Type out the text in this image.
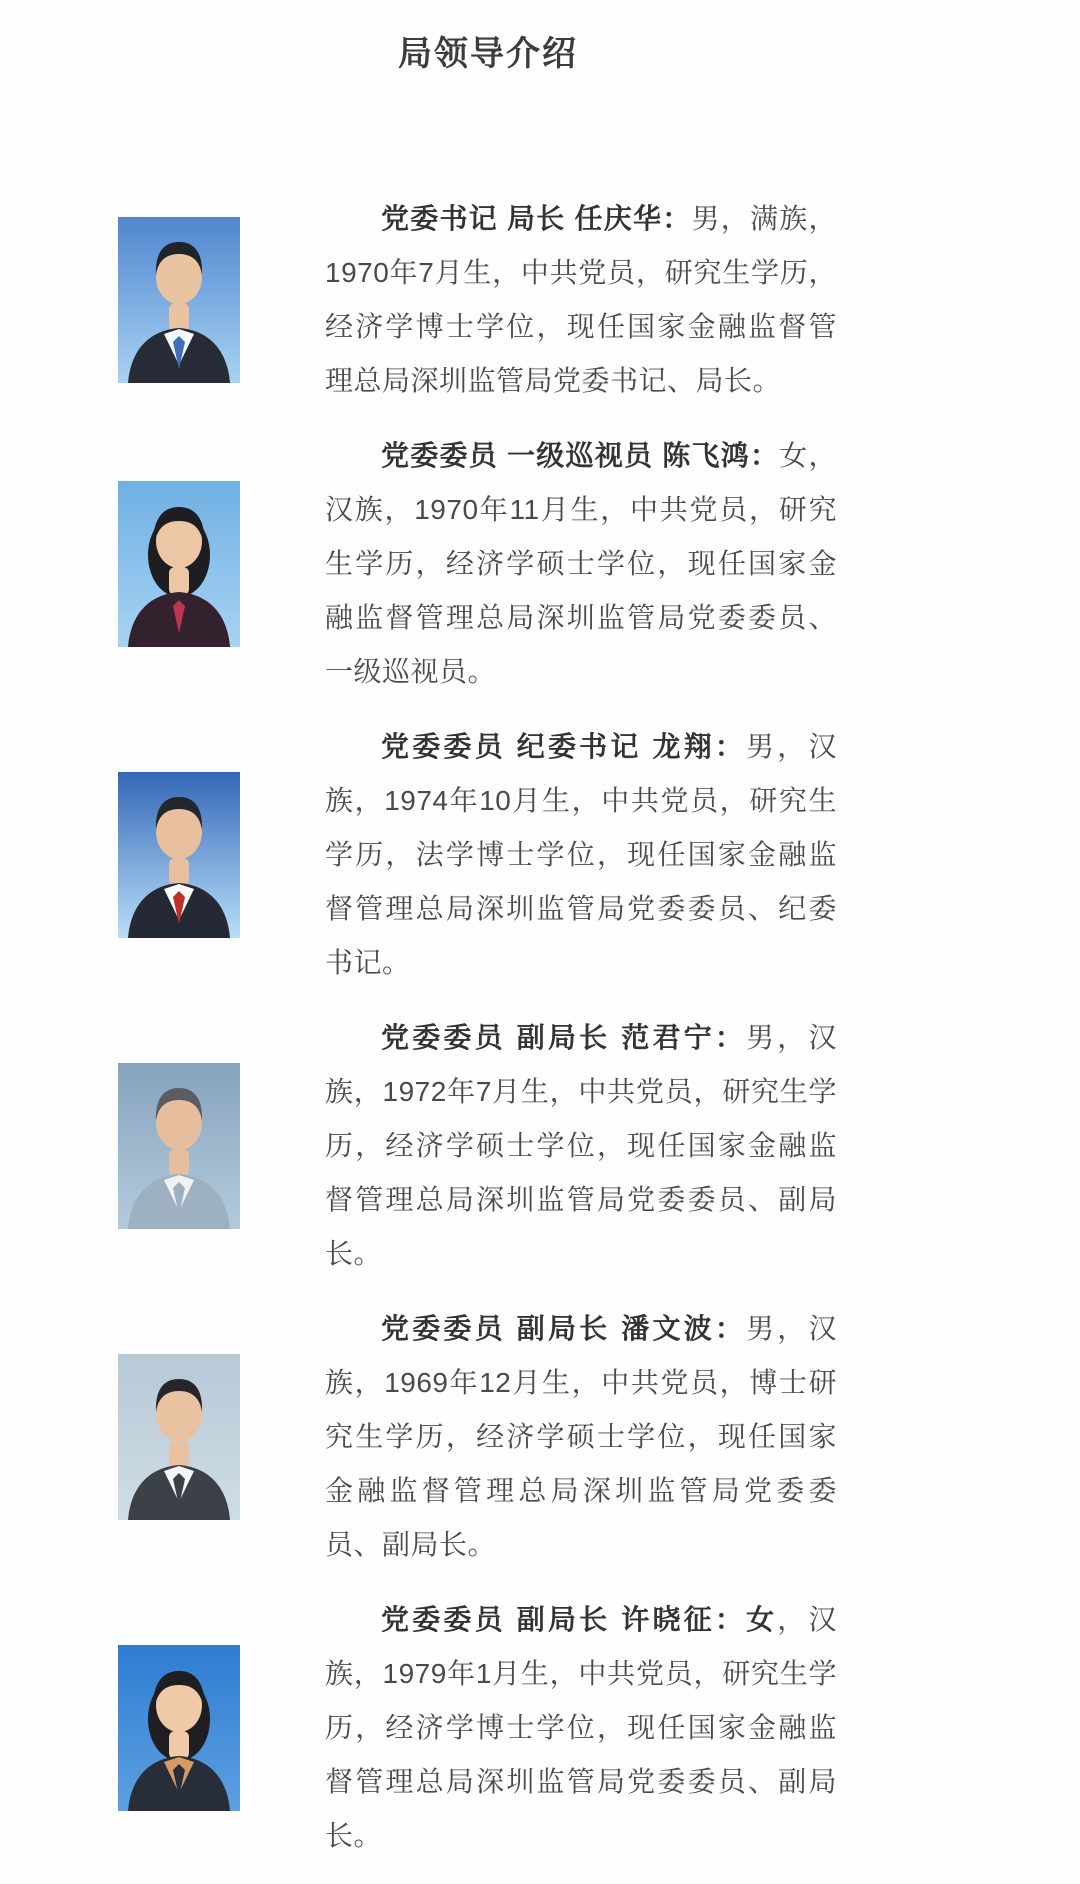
局领导介绍

党委书记 局长 任庆华：男，满族，1970年7月生，中共党员，研究生学历，经济学博士学位，现任国家金融监督管理总局深圳监管局党委书记、局长。

党委委员 一级巡视员 陈飞鸿：女，汉族，1970年11月生，中共党员，研究生学历，经济学硕士学位，现任国家金融监督管理总局深圳监管局党委委员、一级巡视员。

党委委员 纪委书记 龙翔：男，汉族，1974年10月生，中共党员，研究生学历，法学博士学位，现任国家金融监督管理总局深圳监管局党委委员、纪委书记。

党委委员 副局长 范君宁：男，汉族，1972年7月生，中共党员，研究生学历，经济学硕士学位，现任国家金融监督管理总局深圳监管局党委委员、副局长。

党委委员 副局长 潘文波：男，汉族，1969年12月生，中共党员，博士研究生学历，经济学硕士学位，现任国家金融监督管理总局深圳监管局党委委员、副局长。

党委委员 副局长 许晓征：女，汉族，1979年1月生，中共党员，研究生学历，经济学博士学位，现任国家金融监督管理总局深圳监管局党委委员、副局长。
